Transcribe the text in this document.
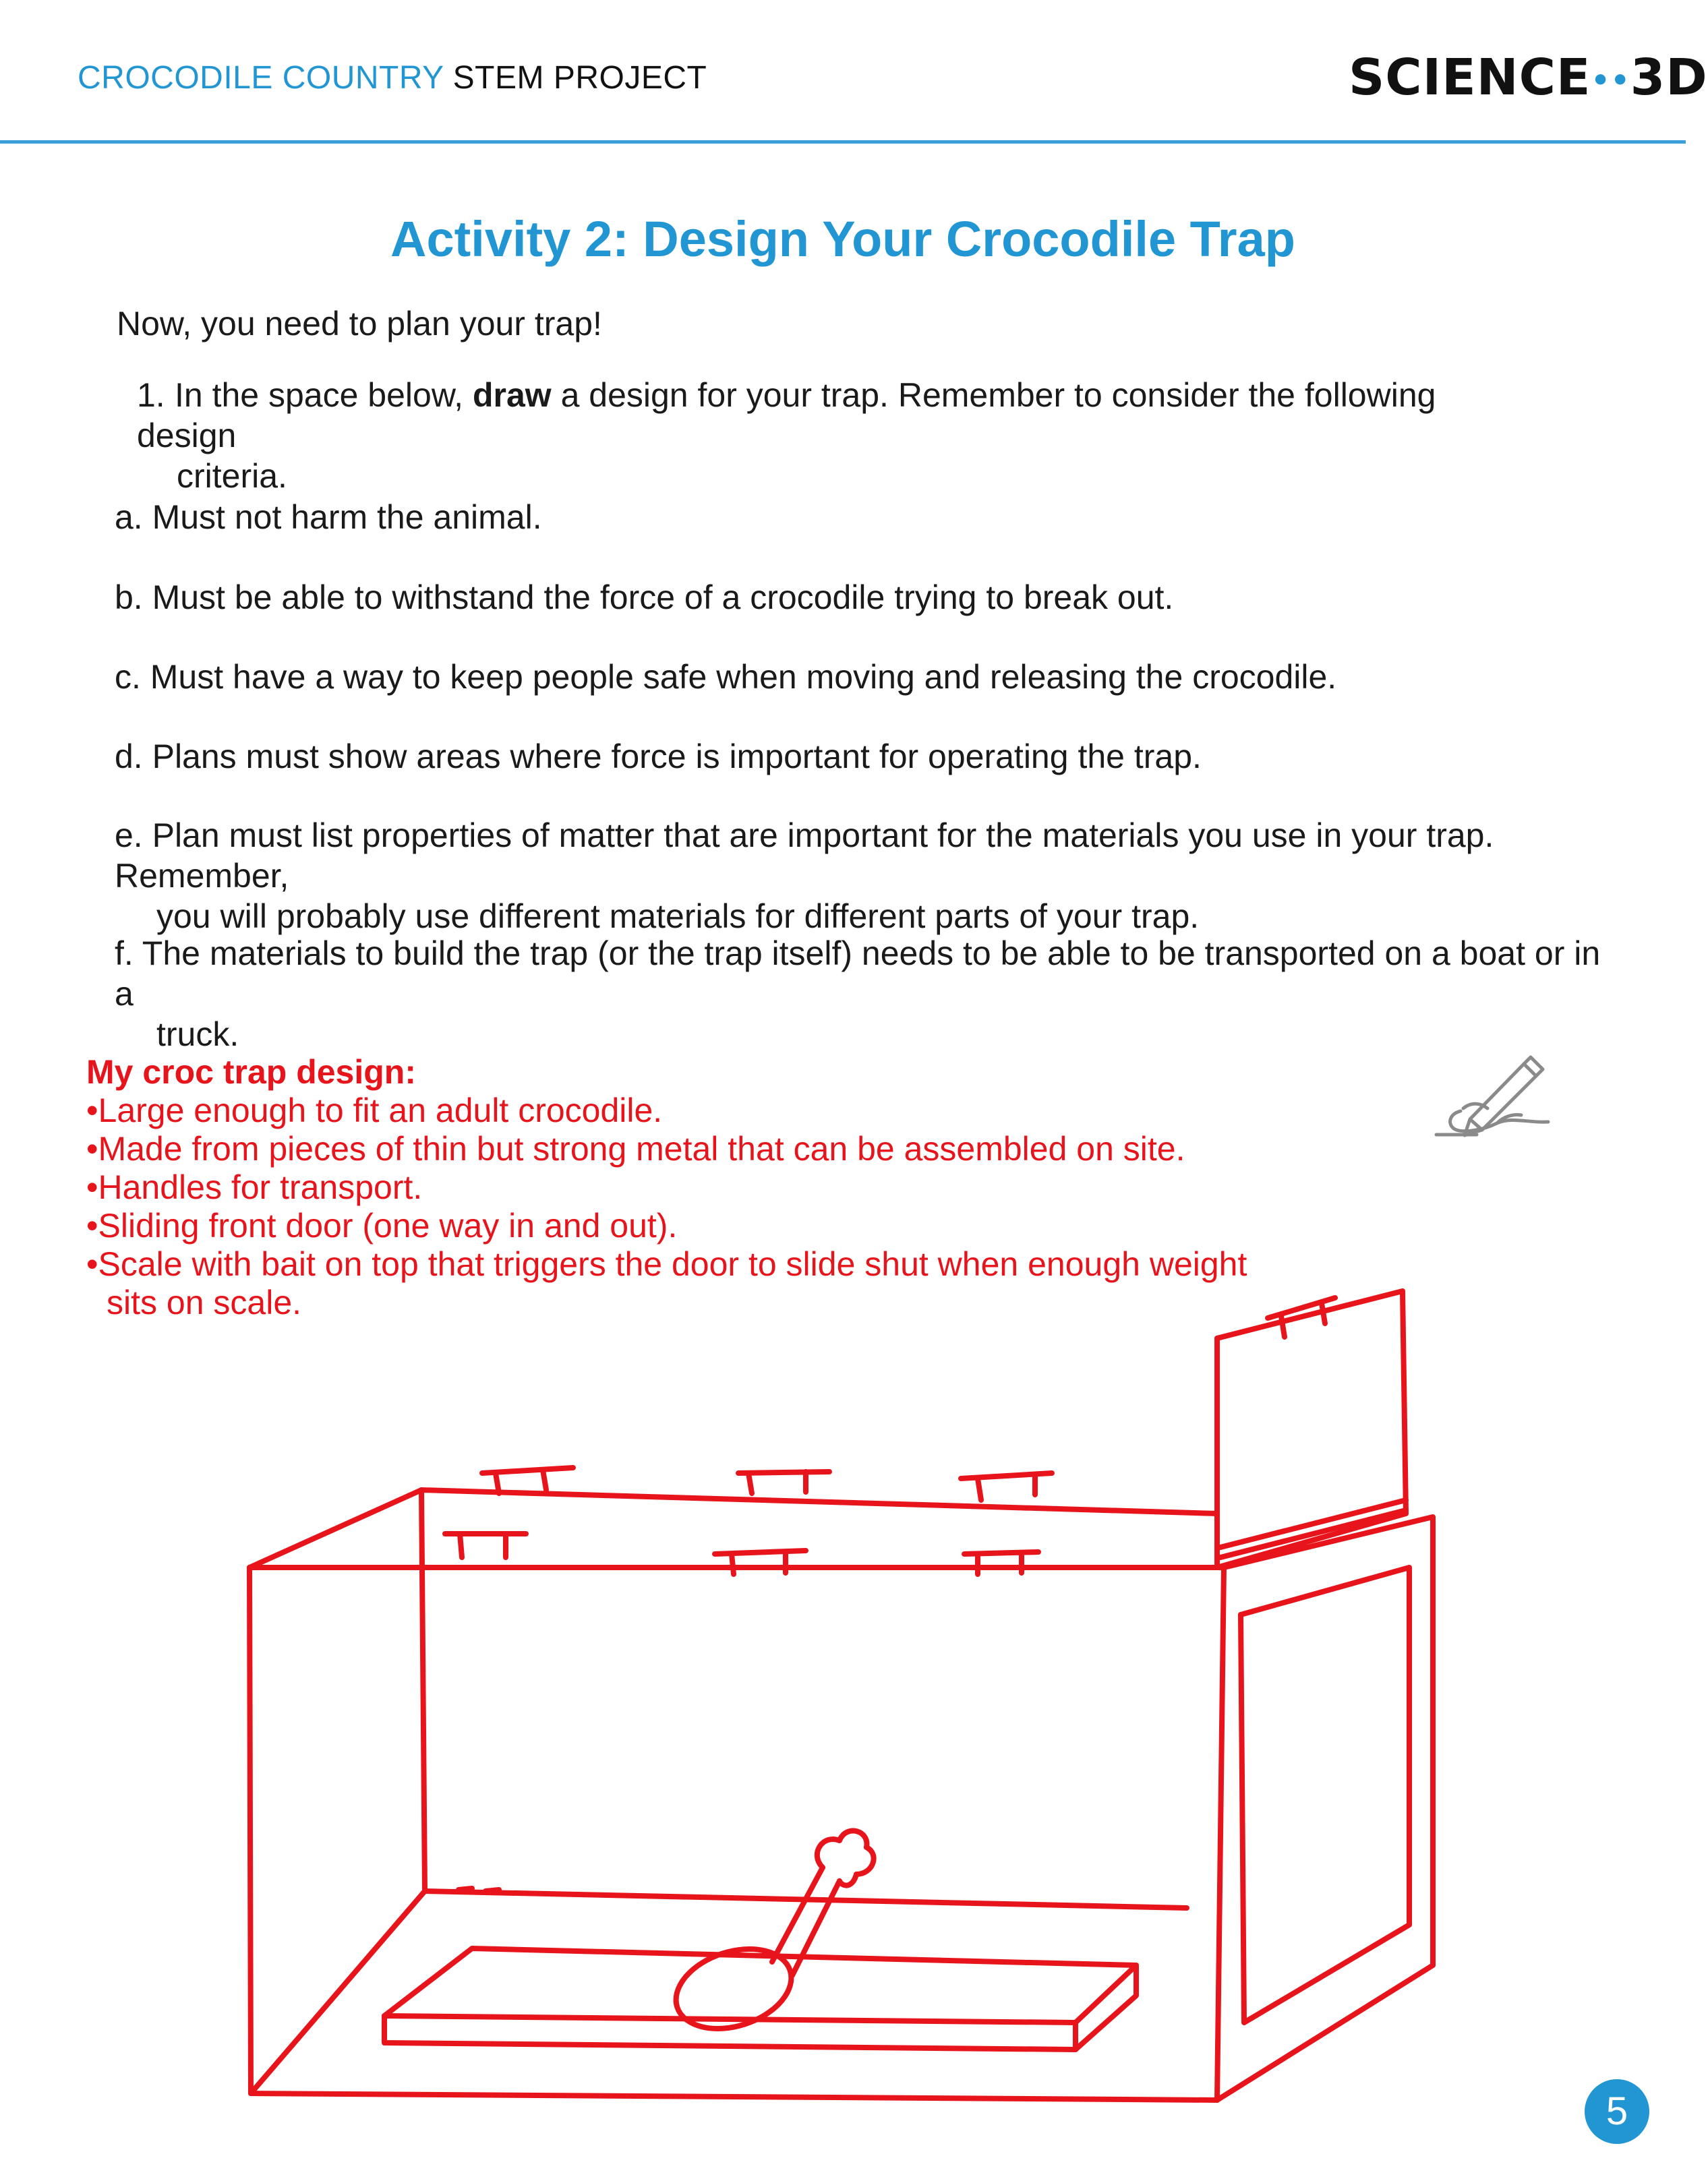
CROCODILE COUNTRY STEM PROJECT	SCIENCE••3D
Activity 2: Design Your Crocodile Trap
Now, you need to plan your trap!
1. In the space below, draw a design for your trap. Remember to consider the following design
criteria.
a. Must not harm the animal.
b. Must be able to withstand the force of a crocodile trying to break out.
c. Must have a way to keep people safe when moving and releasing the crocodile.
d. Plans must show areas where force is important for operating the trap.
e. Plan must list properties of matter that are important for the materials you use in your trap. Remember,
you will probably use different materials for different parts of your trap.
f. The materials to build the trap (or the trap itself) needs to be able to be transported on a boat or in a
truck.
My croc trap design:
•Large enough to fit an adult crocodile.
•Made from pieces of thin but strong metal that can be assembled on site.
•Handles for transport.
•Sliding front door (one way in and out).
•Scale with bait on top that triggers the door to slide shut when enough weight
sits on scale.
5
